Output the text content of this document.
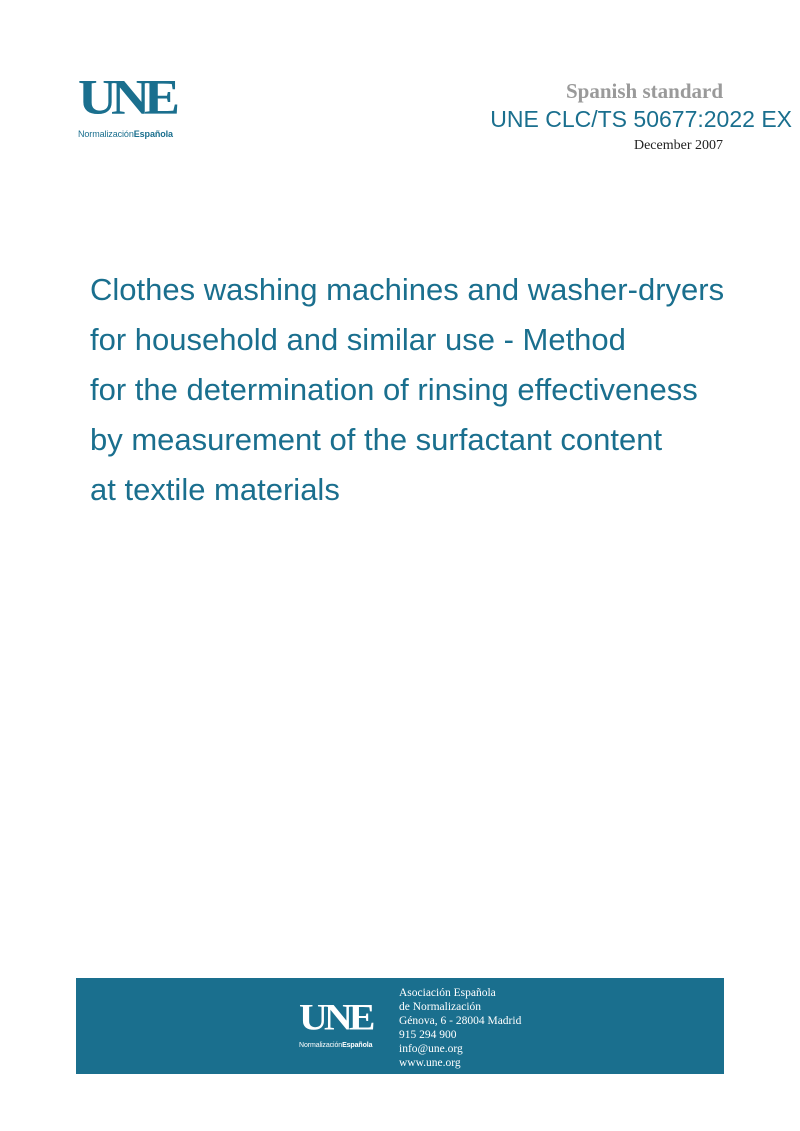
UNE
NormalizaciónEspañola
Spanish standard
UNE CLC/TS 50677:2022 EX
December 2007
Clothes washing machines and washer-dryers
for household and similar use - Method
for the determination of rinsing effectiveness
by measurement of the surfactant content
at textile materials
UNE
NormalizaciónEspañola
Asociación Española
de Normalización
Génova, 6 - 28004 Madrid
915 294 900
info@une.org
www.une.org
